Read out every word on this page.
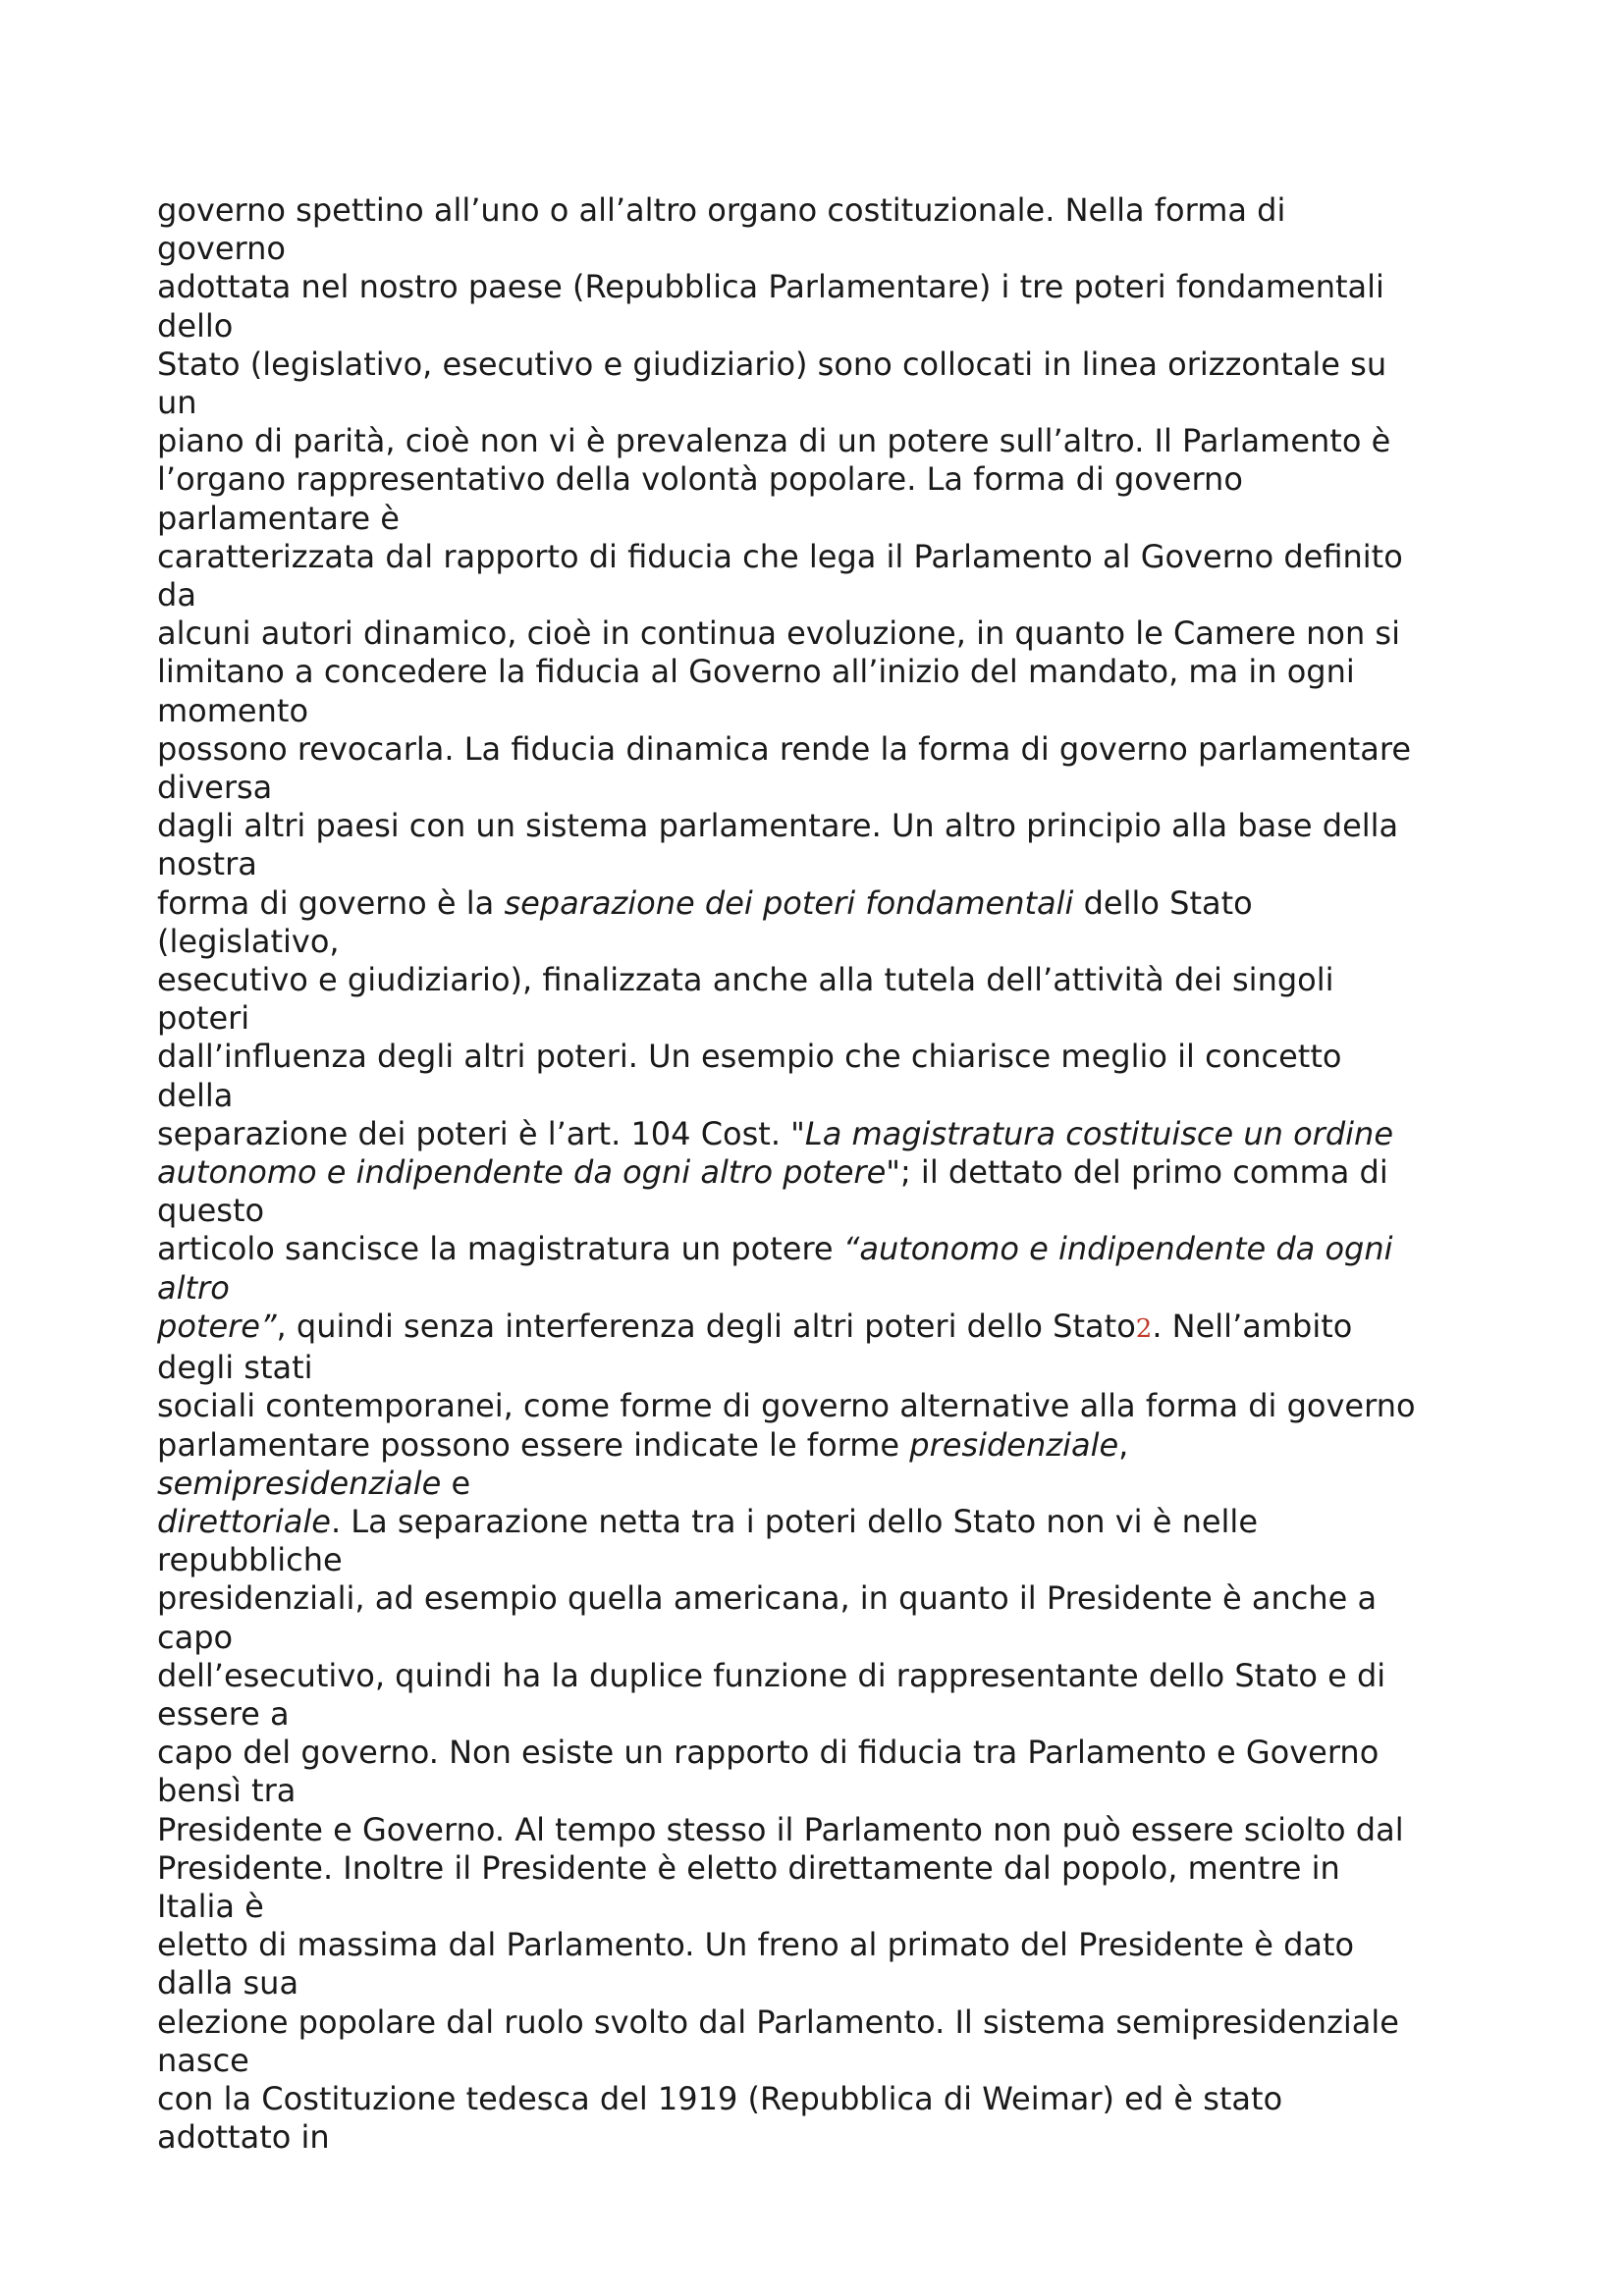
governo spettino all’uno o all’altro organo costituzionale. Nella forma di
governo
adottata nel nostro paese (Repubblica Parlamentare) i tre poteri fondamentali
dello
Stato (legislativo, esecutivo e giudiziario) sono collocati in linea orizzontale su
un
piano di parità, cioè non vi è prevalenza di un potere sull’altro. Il Parlamento è
l’organo rappresentativo della volontà popolare. La forma di governo
parlamentare è
caratterizzata dal rapporto di fiducia che lega il Parlamento al Governo definito
da
alcuni autori dinamico, cioè in continua evoluzione, in quanto le Camere non si
limitano a concedere la fiducia al Governo all’inizio del mandato, ma in ogni
momento
possono revocarla. La fiducia dinamica rende la forma di governo parlamentare
diversa
dagli altri paesi con un sistema parlamentare. Un altro principio alla base della
nostra
forma di governo è la separazione dei poteri fondamentali dello Stato
(legislativo,
esecutivo e giudiziario), finalizzata anche alla tutela dell’attività dei singoli
poteri
dall’influenza degli altri poteri. Un esempio che chiarisce meglio il concetto
della
separazione dei poteri è l’art. 104 Cost. "La magistratura costituisce un ordine
autonomo e indipendente da ogni altro potere"; il dettato del primo comma di
questo
articolo sancisce la magistratura un potere “autonomo e indipendente da ogni
altro
potere”, quindi senza interferenza degli altri poteri dello Stato2. Nell’ambito
degli stati
sociali contemporanei, come forme di governo alternative alla forma di governo
parlamentare possono essere indicate le forme presidenziale,
semipresidenziale e
direttoriale. La separazione netta tra i poteri dello Stato non vi è nelle
repubbliche
presidenziali, ad esempio quella americana, in quanto il Presidente è anche a
capo
dell’esecutivo, quindi ha la duplice funzione di rappresentante dello Stato e di
essere a
capo del governo. Non esiste un rapporto di fiducia tra Parlamento e Governo
bensì tra
Presidente e Governo. Al tempo stesso il Parlamento non può essere sciolto dal
Presidente. Inoltre il Presidente è eletto direttamente dal popolo, mentre in
Italia è
eletto di massima dal Parlamento. Un freno al primato del Presidente è dato
dalla sua
elezione popolare dal ruolo svolto dal Parlamento. Il sistema semipresidenziale
nasce
con la Costituzione tedesca del 1919 (Repubblica di Weimar) ed è stato
adottato in
